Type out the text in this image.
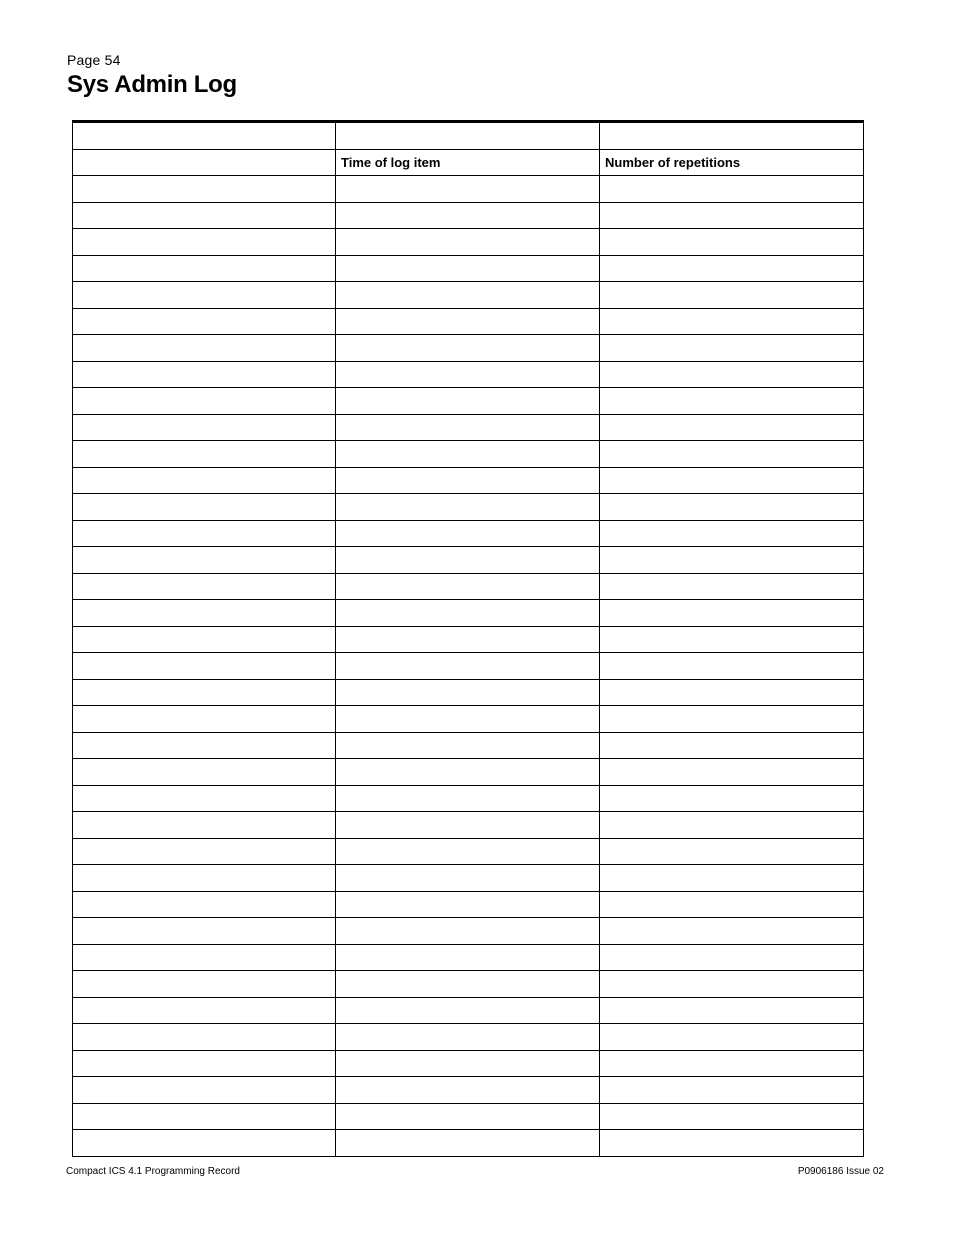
Page 54
Sys Admin Log

	Time of log item	Number of repetitions

Compact ICS 4.1 Programming Record	P0906186 Issue 02
